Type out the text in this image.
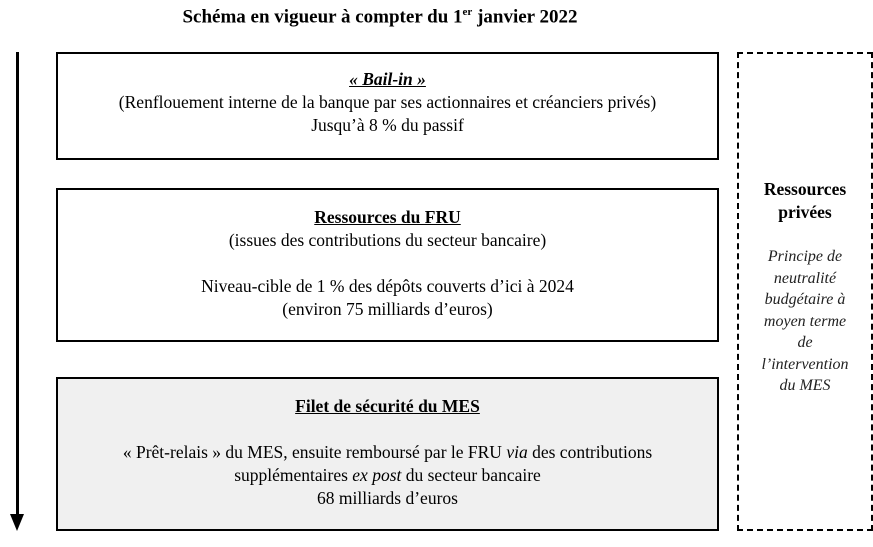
Schéma en vigueur à compter du 1er janvier 2022
« Bail-in »
(Renflouement interne de la banque par ses actionnaires et créanciers privés)
Jusqu’à 8 % du passif
Ressources du FRU
(issues des contributions du secteur bancaire)
Niveau-cible de 1 % des dépôts couverts d’ici à 2024
(environ 75 milliards d’euros)
Filet de sécurité du MES
« Prêt-relais » du MES, ensuite remboursé par le FRU via des contributions
supplémentaires ex post du secteur bancaire
68 milliards d’euros
Ressources
privées
Principe de
neutralité
budgétaire à
moyen terme
de
l’intervention
du MES
